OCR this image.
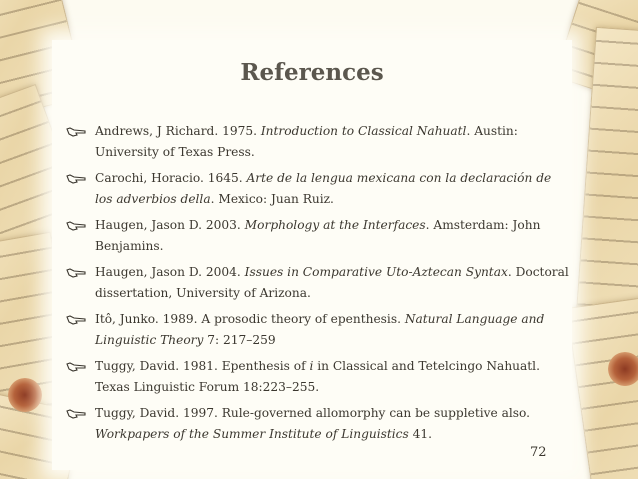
References
Andrews, J Richard. 1975. Introduction to Classical Nahuatl. Austin: University of Texas Press.
Carochi, Horacio. 1645. Arte de la lengua mexicana con la declaración de los adverbios della. Mexico: Juan Ruiz.
Haugen, Jason D. 2003. Morphology at the Interfaces. Amsterdam: John Benjamins.
Haugen, Jason D. 2004. Issues in Comparative Uto-Aztecan Syntax. Doctoral dissertation, University of Arizona.
Itô, Junko. 1989. A prosodic theory of epenthesis. Natural Language and Linguistic Theory 7: 217–259
Tuggy, David. 1981. Epenthesis of i in Classical and Tetelcingo Nahuatl. Texas Linguistic Forum 18:223–255.
Tuggy, David. 1997. Rule-governed allomorphy can be suppletive also. Workpapers of the Summer Institute of Linguistics 41.
72
